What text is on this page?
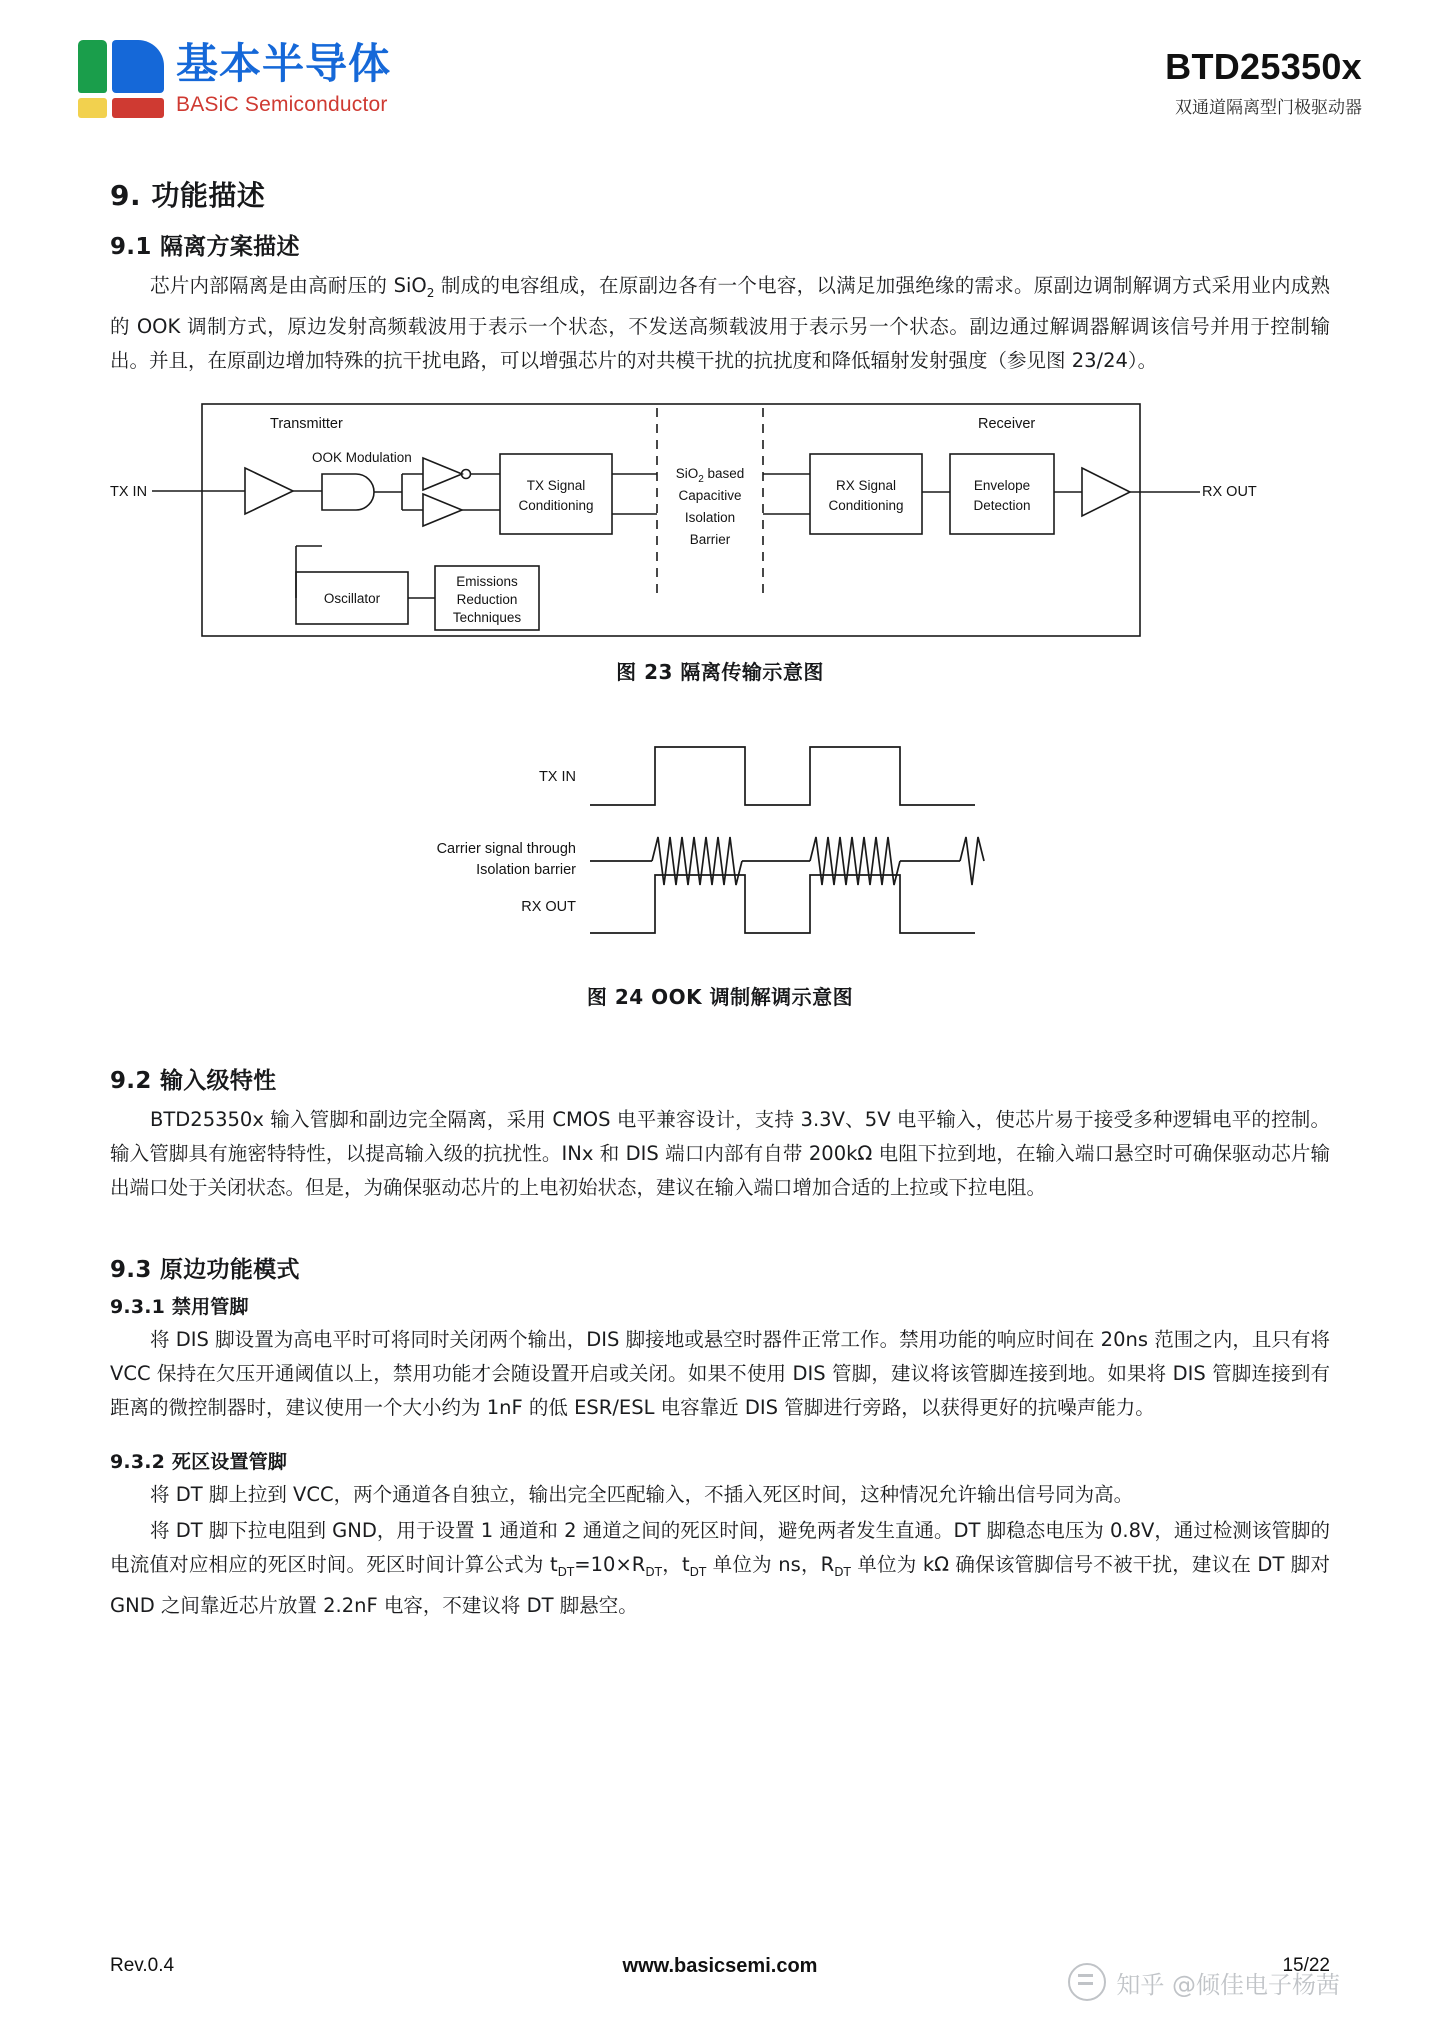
基本半导体
BASiC Semiconductor
BTD25350x
双通道隔离型门极驱动器
9. 功能描述
9.1 隔离方案描述

芯片内部隔离是由高耐压的 SiO$_2$ 制成的电容组成，在原副边各有一个电容，以满足加强绝缘的需求。原副边调制解调方式采用业内成熟的 OOK 调制方式，原边发射高频载波用于表示一个状态，不发送高频载波用于表示另一个状态。副边通过解调器解调该信号并用于控制输出。并且，在原副边增加特殊的抗干扰电路，可以增强芯片的对共模干扰的抗扰度和降低辐射发射强度（参见图 23/24）。

Transmitter	Receiver
TX IN	RX OUT
OOK Modulation
TX Signal
Conditioning
SiO$_2$ based
Capacitive
Isolation
Barrier
RX Signal
Conditioning
Envelope
Detection
Oscillator
Emissions
Reduction
Techniques
图 23 隔离传输示意图
TX IN
Carrier signal through
Isolation barrier
RX OUT
图 24 OOK 调制解调示意图
9.2 输入级特性

BTD25350x 输入管脚和副边完全隔离，采用 CMOS 电平兼容设计，支持 3.3V、5V 电平输入，使芯片易于接受多种逻辑电平的控制。输入管脚具有施密特特性，以提高输入级的抗扰性。INx 和 DIS 端口内部有自带 200kΩ 电阻下拉到地，在输入端口悬空时可确保驱动芯片输出端口处于关闭状态。但是，为确保驱动芯片的上电初始状态，建议在输入端口增加合适的上拉或下拉电阻。

9.3 原边功能模式
9.3.1 禁用管脚

将 DIS 脚设置为高电平时可将同时关闭两个输出，DIS 脚接地或悬空时器件正常工作。禁用功能的响应时间在 20ns 范围之内，且只有将 VCC 保持在欠压开通阈值以上，禁用功能才会随设置开启或关闭。如果不使用 DIS 管脚，建议将该管脚连接到地。如果将 DIS 管脚连接到有距离的微控制器时，建议使用一个大小约为 1nF 的低 ESR/ESL 电容靠近 DIS 管脚进行旁路，以获得更好的抗噪声能力。

9.3.2 死区设置管脚

将 DT 脚上拉到 VCC，两个通道各自独立，输出完全匹配输入，不插入死区时间，这种情况允许输出信号同为高。

将 DT 脚下拉电阻到 GND，用于设置 1 通道和 2 通道之间的死区时间，避免两者发生直通。DT 脚稳态电压为 0.8V，通过检测该管脚的电流值对应相应的死区时间。死区时间计算公式为 $t_{DT}=10\times R_{DT}$，$t_{DT}$ 单位为 ns，$R_{DT}$ 单位为 kΩ 确保该管脚信号不被干扰，建议在 DT 脚对 GND 之间靠近芯片放置 2.2nF 电容，不建议将 DT 脚悬空。

Rev.0.4	www.basicsemi.com	15/22
知乎 @倾佳电子杨茜
